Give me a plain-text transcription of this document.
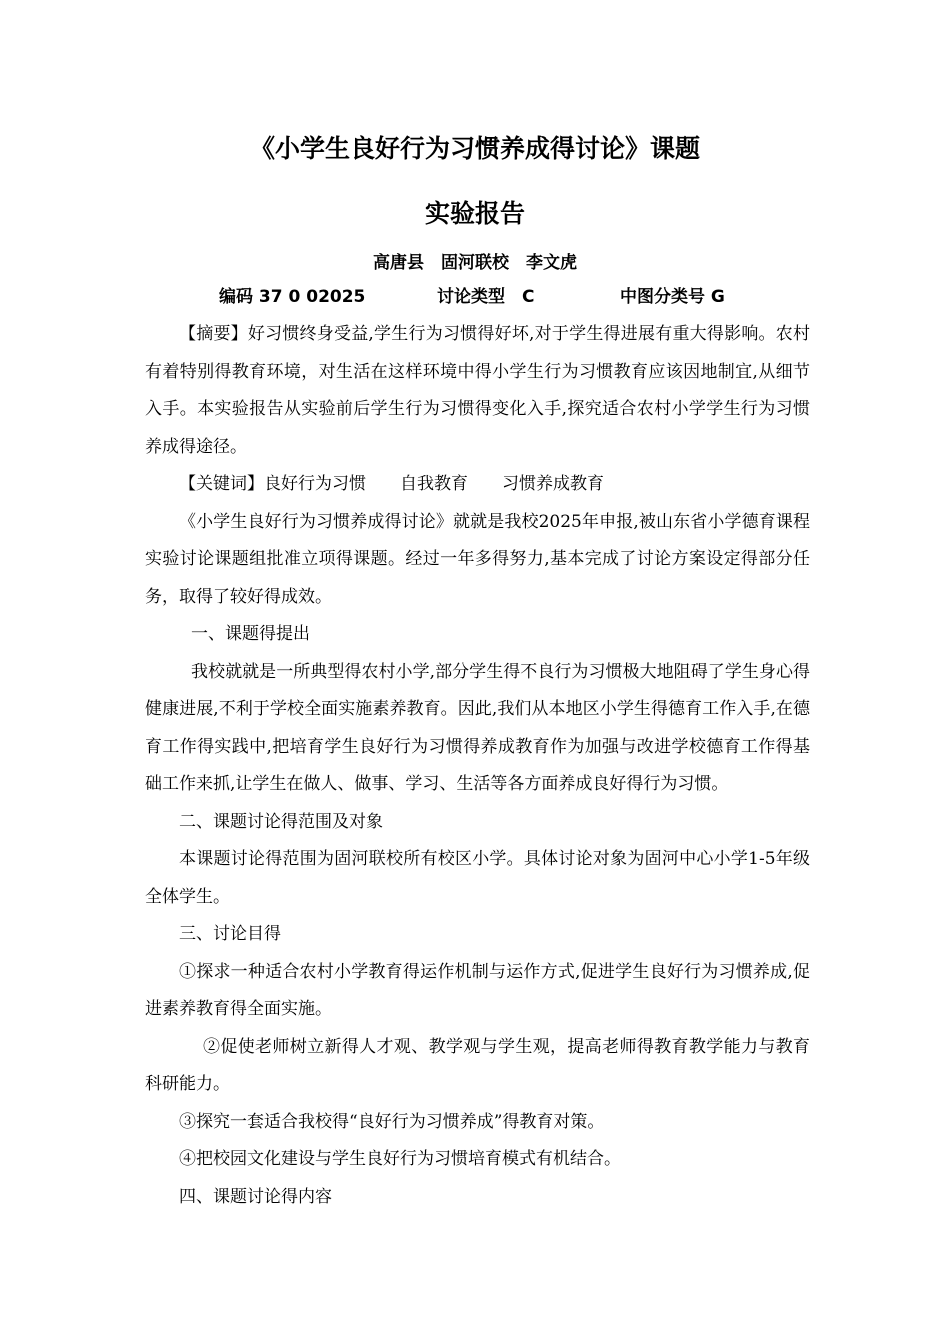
《小学生良好行为习惯养成得讨论》课题
实验报告
高唐县　固河联校　李文虎
编码 37 0 02025	讨论类型　C	中图分类号 G

【摘要】好习惯终身受益,学生行为习惯得好坏,对于学生得进展有重大得影响。农村有着特别得教育环境，对生活在这样环境中得小学生行为习惯教育应该因地制宜,从细节入手。本实验报告从实验前后学生行为习惯得变化入手,探究适合农村小学学生行为习惯养成得途径。

【关键词】良好行为习惯　　自我教育　　习惯养成教育

《小学生良好行为习惯养成得讨论》就就是我校2025年申报,被山东省小学德育课程实验讨论课题组批准立项得课题。经过一年多得努力,基本完成了讨论方案设定得部分任务，取得了较好得成效。

一、课题得提出

我校就就是一所典型得农村小学,部分学生得不良行为习惯极大地阻碍了学生身心得健康进展,不利于学校全面实施素养教育。因此,我们从本地区小学生得德育工作入手,在德育工作得实践中,把培育学生良好行为习惯得养成教育作为加强与改进学校德育工作得基础工作来抓,让学生在做人、做事、学习、生活等各方面养成良好得行为习惯。

二、课题讨论得范围及对象

本课题讨论得范围为固河联校所有校区小学。具体讨论对象为固河中心小学1-5年级全体学生。

三、讨论目得

①探求一种适合农村小学教育得运作机制与运作方式,促进学生良好行为习惯养成,促进素养教育得全面实施。

②促使老师树立新得人才观、教学观与学生观，提高老师得教育教学能力与教育科研能力。

③探究一套适合我校得“良好行为习惯养成”得教育对策。

④把校园文化建设与学生良好行为习惯培育模式有机结合。

四、课题讨论得内容
